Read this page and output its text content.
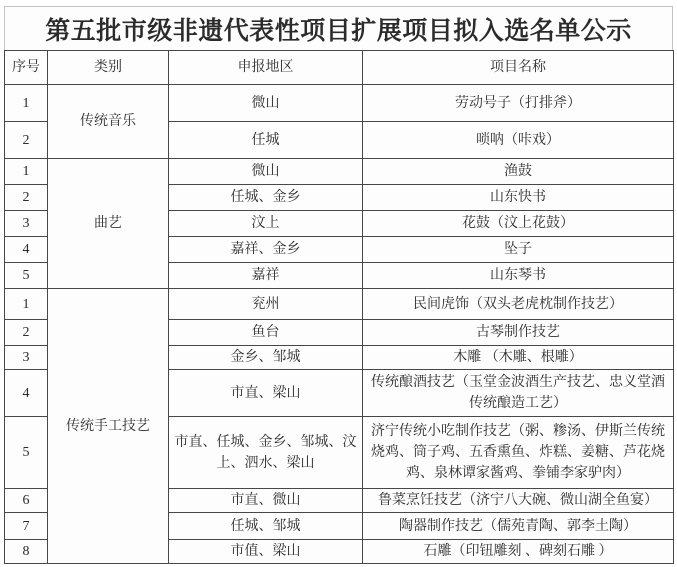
第五批市级非遗代表性项目扩展项目拟入选名单公示
序号	类别	申报地区	项目名称
1	传统音乐	微山	劳动号子（打排斧）
2		任城	唢呐（咔戏）
1	曲艺	微山	渔鼓
2		任城、金乡	山东快书
3		汶上	花鼓（汶上花鼓）
4		嘉祥、金乡	坠子
5		嘉祥	山东琴书
1	传统手工技艺	兖州	民间虎饰（双头老虎枕制作技艺）
2		鱼台	古琴制作技艺
3		金乡、邹城	木雕 （木雕、根雕）
4		市直、梁山	传统酿酒技艺（玉堂金波酒生产技艺、忠义堂酒传统酿造工艺）
5		市直、任城、金乡、邹城、汶上、泗水、梁山	济宁传统小吃制作技艺（粥、糁汤、伊斯兰传统烧鸡、筒子鸡、五香熏鱼、炸糕、姜糖、芦花烧鸡、泉林谭家酱鸡、拳铺李家驴肉）
6		市直、微山	鲁菜烹饪技艺（济宁八大碗、微山湖全鱼宴）
7		任城、邹城	陶器制作技艺（儒苑青陶、郭李土陶）
8		市值、梁山	石雕（印钮雕刻 、碑刻石雕 ）
